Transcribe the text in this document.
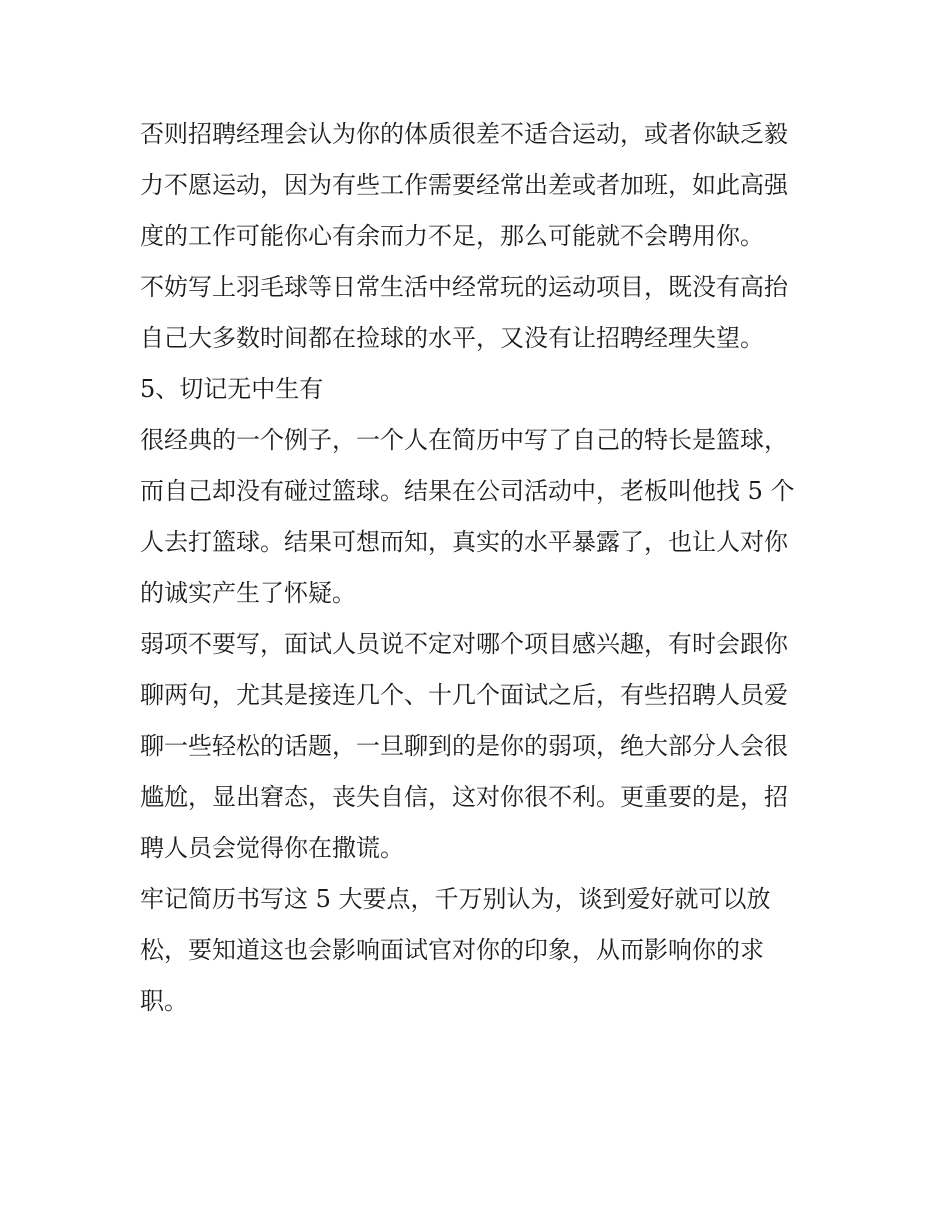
否则招聘经理会认为你的体质很差不适合运动，或者你缺乏毅
力不愿运动，因为有些工作需要经常出差或者加班，如此高强
度的工作可能你心有余而力不足，那么可能就不会聘用你。
不妨写上羽毛球等日常生活中经常玩的运动项目，既没有高抬
自己大多数时间都在捡球的水平，又没有让招聘经理失望。
5、切记无中生有
很经典的一个例子，一个人在简历中写了自己的特长是篮球，
而自己却没有碰过篮球。结果在公司活动中，老板叫他找 5 个
人去打篮球。结果可想而知，真实的水平暴露了，也让人对你
的诚实产生了怀疑。
弱项不要写，面试人员说不定对哪个项目感兴趣，有时会跟你
聊两句，尤其是接连几个、十几个面试之后，有些招聘人员爱
聊一些轻松的话题，一旦聊到的是你的弱项，绝大部分人会很
尴尬，显出窘态，丧失自信，这对你很不利。更重要的是，招
聘人员会觉得你在撒谎。
牢记简历书写这 5 大要点，千万别认为，谈到爱好就可以放
松，要知道这也会影响面试官对你的印象，从而影响你的求
职。
